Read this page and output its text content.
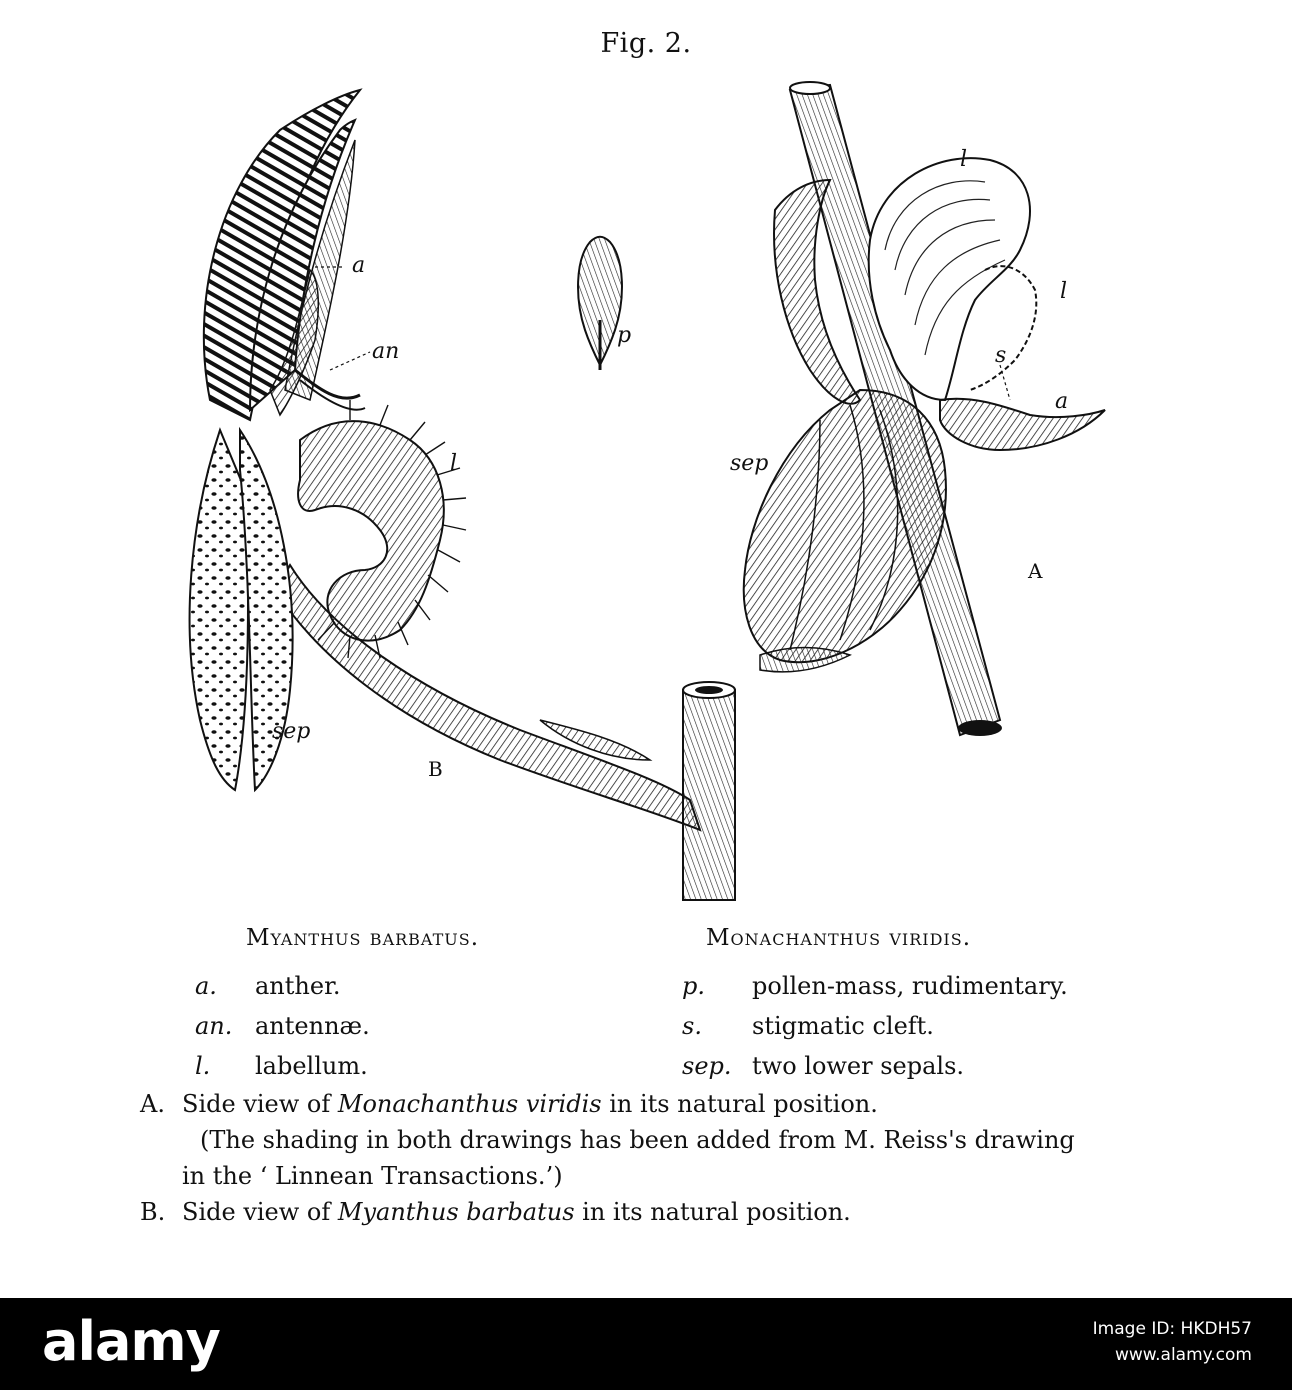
Fig. 2.
a
an
l
sep
B
p
l
l
s
a
sep
A
Myanthus barbatus.	Monachanthus viridis.
a.	anther.
an. antennæ.
l.	labellum.
p.	pollen-mass, rudimentary.
s.	stigmatic cleft.
sep. two lower sepals.
A. Side view of Monachanthus viridis in its natural position.
(The shading in both drawings has been added from M. Reiss's drawing
in the ‘ Linnean Transactions.’)
B. Side view of Myanthus barbatus in its natural position.
alamy	Image ID: HKDH57
www.alamy.com
